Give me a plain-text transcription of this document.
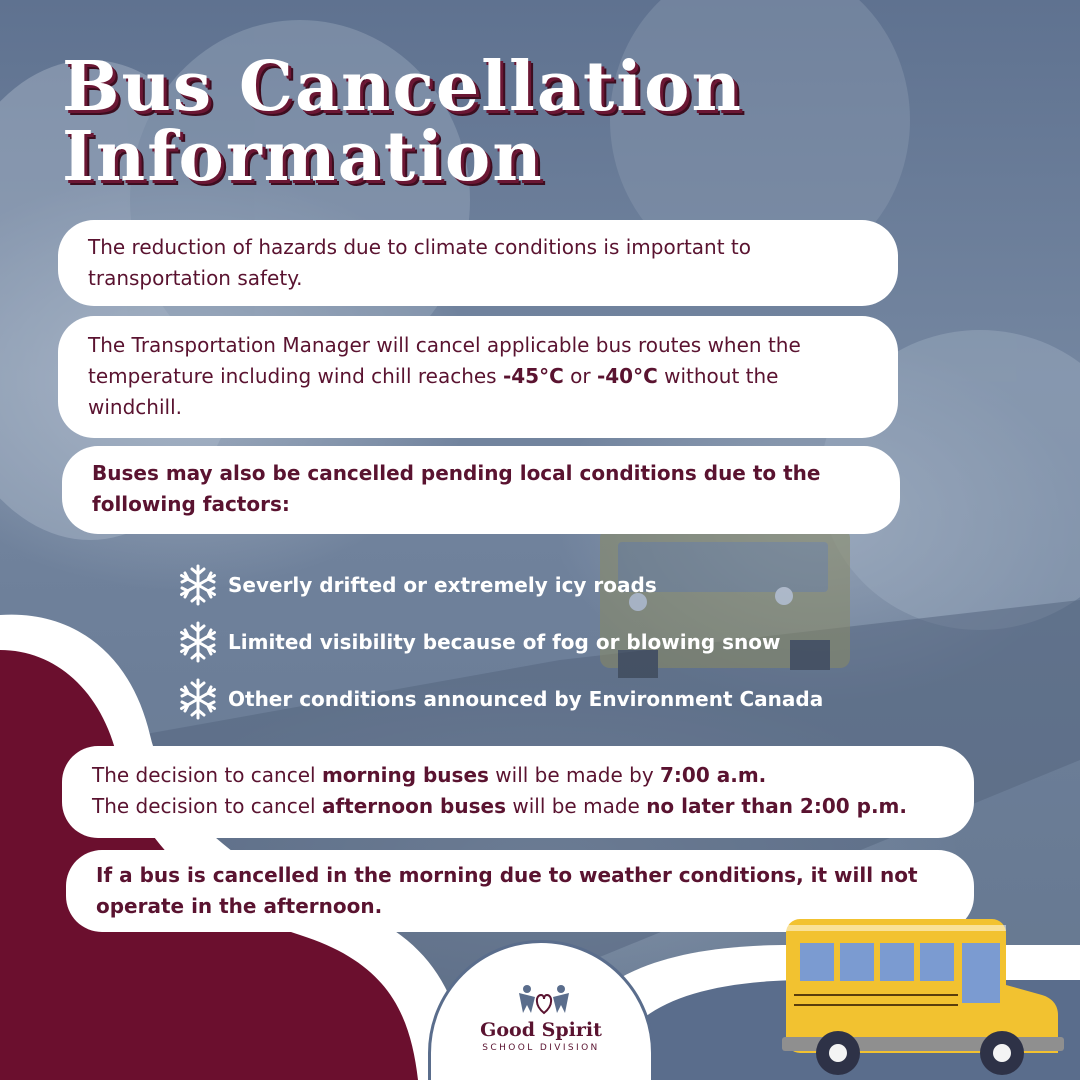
Bus Cancellation
Information

The reduction of hazards due to climate conditions is important to transportation safety.

The Transportation Manager will cancel applicable bus routes when the temperature including wind chill reaches -45°C or -40°C without the windchill.

Buses may also be cancelled pending local conditions due to the following factors:

Severly drifted or extremely icy roads
Limited visibility because of fog or blowing snow
Other conditions announced by Environment Canada

The decision to cancel morning buses will be made by 7:00 a.m.

The decision to cancel afternoon buses will be made no later than 2:00 p.m.

If a bus is cancelled in the morning due to weather conditions, it will not operate in the afternoon.

Good Spirit
SCHOOL DIVISION
